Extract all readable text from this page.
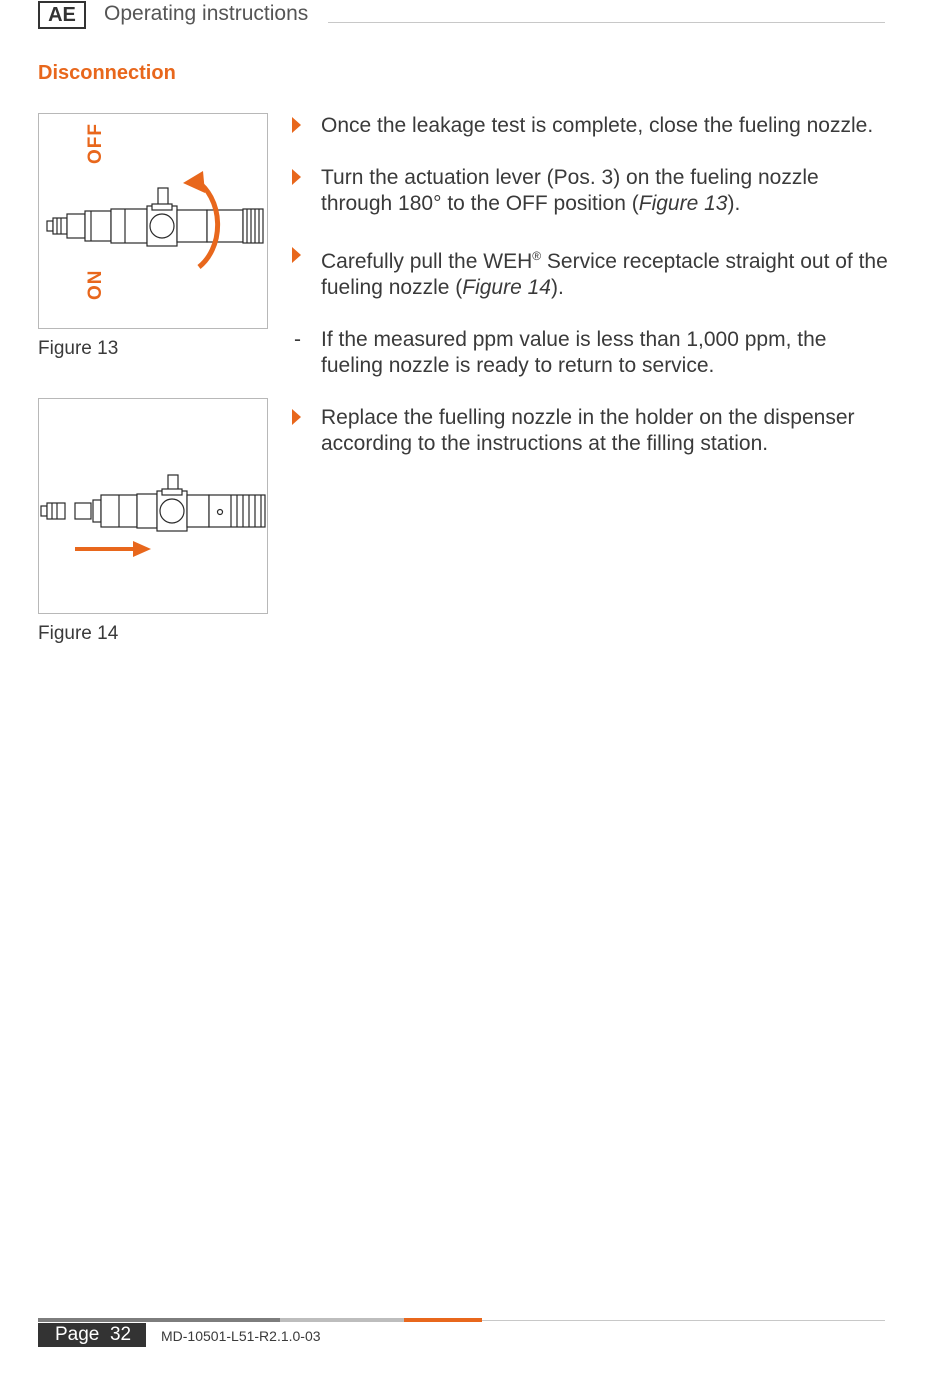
AE	Operating instructions
Disconnection
OFF
ON
Figure 13
Figure 14
Once the leakage test is complete, close the fueling nozzle.
Turn the actuation lever (Pos. 3) on the fueling nozzle through 180° to the OFF position (Figure 13).
Carefully pull the WEH® Service receptacle straight out of the fueling nozzle (Figure 14).
- If the measured ppm value is less than 1,000 ppm, the fueling nozzle is ready to return to service.
Replace the fuelling nozzle in the holder on the dispenser according to the instructions at the filling station.
Page 32	MD-10501-L51-R2.1.0-03
